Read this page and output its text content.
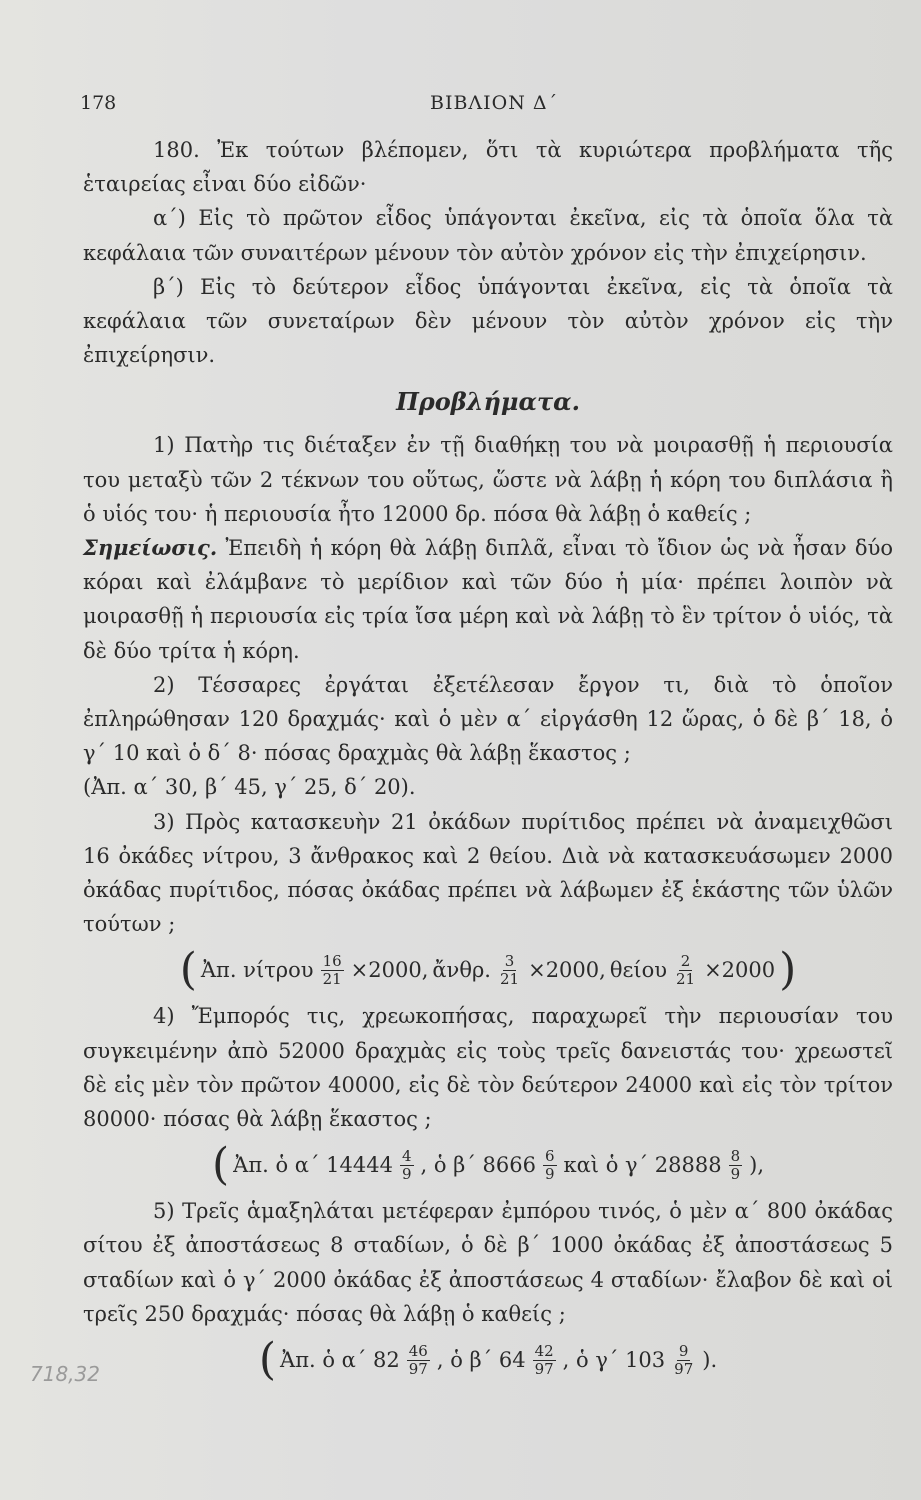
178	ΒΙΒΛΙΟΝ Δ΄

180. Ἐκ τούτων βλέπομεν, ὅτι τὰ κυριώτερα προβλήματα τῆς ἑταιρείας εἶναι δύο εἰδῶν·

α΄) Εἰς τὸ πρῶτον εἶδος ὑπάγονται ἐκεῖνα, εἰς τὰ ὁποῖα ὅλα τὰ κεφάλαια τῶν συναιτέρων μένουν τὸν αὐτὸν χρόνον εἰς τὴν ἐπιχείρησιν.

β΄) Εἰς τὸ δεύτερον εἶδος ὑπάγονται ἐκεῖνα, εἰς τὰ ὁποῖα τὰ κεφάλαια τῶν συνεταίρων δὲν μένουν τὸν αὐτὸν χρόνον εἰς τὴν ἐπιχείρησιν.

Προβλήματα.

1) Πατὴρ τις διέταξεν ἐν τῇ διαθήκῃ του νὰ μοιρασθῇ ἡ περιουσία του μεταξὺ τῶν 2 τέκνων του οὕτως, ὥστε νὰ λάβῃ ἡ κόρη του διπλάσια ἢ ὁ υἱός του· ἡ περιουσία ἦτο 12000 δρ. πόσα θὰ λάβῃ ὁ καθείς ;

Σημείωσις. Ἐπειδὴ ἡ κόρη θὰ λάβῃ διπλᾶ, εἶναι τὸ ἴδιον ὡς νὰ ἦσαν δύο κόραι καὶ ἐλάμβανε τὸ μερίδιον καὶ τῶν δύο ἡ μία· πρέπει λοιπὸν νὰ μοιρασθῇ ἡ περιουσία εἰς τρία ἴσα μέρη καὶ νὰ λάβῃ τὸ ἓν τρίτον ὁ υἱός, τὰ δὲ δύο τρίτα ἡ κόρη.

2) Τέσσαρες ἐργάται ἐξετέλεσαν ἔργον τι, διὰ τὸ ὁποῖον ἐπληρώθησαν 120 δραχμάς· καὶ ὁ μὲν α΄ εἰργάσθη 12 ὥρας, ὁ δὲ β΄ 18, ὁ γ΄ 10 καὶ ὁ δ΄ 8· πόσας δραχμὰς θὰ λάβῃ ἕκαστος ;

(Ἀπ. α΄ 30, β΄ 45, γ΄ 25, δ΄ 20).

3) Πρὸς κατασκευὴν 21 ὀκάδων πυρίτιδος πρέπει νὰ ἀναμειχθῶσι 16 ὀκάδες νίτρου, 3 ἄνθρακος καὶ 2 θείου. Διὰ νὰ κατασκευάσωμεν 2000 ὀκάδας πυρίτιδος, πόσας ὀκάδας πρέπει νὰ λάβωμεν ἐξ ἑκάστης τῶν ὑλῶν τούτων ;

( Ἀπ. νίτρου $\frac{16}{21} \times 2000$, ἄνθρ. $\frac{3}{21} \times 2000$, θείου $\frac{2}{21} \times 2000$ )

4) Ἔμπορός τις, χρεωκοπήσας, παραχωρεῖ τὴν περιουσίαν του συγκειμένην ἀπὸ 52000 δραχμὰς εἰς τοὺς τρεῖς δανειστάς του· χρεωστεῖ δὲ εἰς μὲν τὸν πρῶτον 40000, εἰς δὲ τὸν δεύτερον 24000 καὶ εἰς τὸν τρίτον 80000· πόσας θὰ λάβῃ ἕκαστος ;

( Ἀπ. ὁ α΄ $14444 \frac{4}{9}$ , ὁ β΄ $8666 \frac{6}{9}$ καὶ ὁ γ΄ $28888 \frac{8}{9}$ ),

5) Τρεῖς ἁμαξηλάται μετέφεραν ἐμπόρου τινός, ὁ μὲν α΄ 800 ὀκάδας σίτου ἐξ ἀποστάσεως 8 σταδίων, ὁ δὲ β΄ 1000 ὀκάδας ἐξ ἀποστάσεως 5 σταδίων καὶ ὁ γ΄ 2000 ὀκάδας ἐξ ἀποστάσεως 4 σταδίων· ἔλαβον δὲ καὶ οἱ τρεῖς 250 δραχμάς· πόσας θὰ λάβῃ ὁ καθείς ;

( Ἀπ. ὁ α΄ $82 \frac{46}{97}$ , ὁ β΄ $64 \frac{42}{97}$ , ὁ γ΄ $103 \frac{9}{97}$ ).
718,32
